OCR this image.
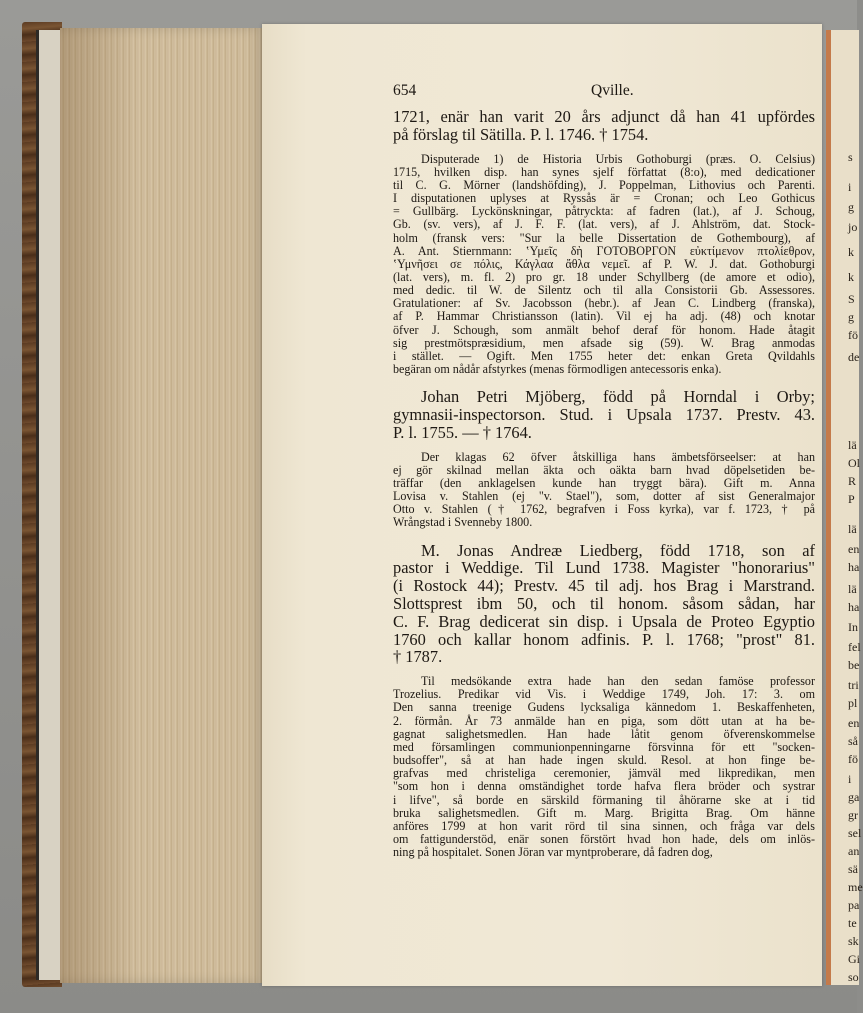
s
i
g
jo
k
k
S
g
fö
de
lä
Ol
R
P
lä
en
ha
lä
ha
In
fel
be
tri
pl
en
så
fö
i
ga
gr
sel
an
sä
me
pa
te
sk
Gi
so
654	Qville.
1721, enär han varit 20 års adjunct då han 41 upfördes
på förslag til Sätilla. P. l. 1746. † 1754.
Disputerade 1) de Historia Urbis Gothoburgi (præs. O. Celsius)
1715, hvilken disp. han synes sjelf författat (8:o), med dedicationer
til C. G. Mörner (landshöfding), J. Poppelman, Lithovius och Parenti.
I disputationen uplyses at Ryssås är = Cronan; och Leo Gothicus
= Gullbärg. Lyckönskningar, påtryckta: af fadren (lat.), af J. Schoug,
Gb. (sv. vers), af J. F. F. (lat. vers), af J. Ahlström, dat. Stock-
holm (fransk vers: "Sur la belle Dissertation de Gothembourg), af
A. Ant. Stiernmann: ʽΥμεῖς δὴ ΓΟΤΟΒΟΡΓΟΝ εὐκτίμενον πτολίεθρον,
ʽΥμνῆσει σε πόλις, Κάγλαα ἄθλα νεμεῖ. af P. W. J. dat. Gothoburgi
(lat. vers), m. fl. 2) pro gr. 18 under Schyllberg (de amore et odio),
med dedic. til W. de Silentz och til alla Consistorii Gb. Assessores.
Gratulationer: af Sv. Jacobsson (hebr.). af Jean C. Lindberg (franska),
af P. Hammar Christiansson (latin). Vil ej ha adj. (48) och knotar
öfver J. Schough, som anmält behof deraf för honom. Hade åtagit
sig prestmötspræsidium, men afsade sig (59). W. Brag anmodas
i stället. — Ogift. Men 1755 heter det: enkan Greta Qvildahls
begäran om nådår afstyrkes (menas förmodligen antecessoris enka).
Johan Petri Mjöberg, född på Horndal i Orby;
gymnasii-inspectorson. Stud. i Upsala 1737. Prestv. 43.
P. l. 1755. — † 1764.
Der klagas 62 öfver åtskilliga hans ämbetsförseelser: at han
ej gör skilnad mellan äkta och oäkta barn hvad döpelsetiden be-
träffar (den anklagelsen kunde han tryggt bära). Gift m. Anna
Lovisa v. Stahlen (ej "v. Stael"), som, dotter af sist Generalmajor
Otto v. Stahlen († 1762, begrafven i Foss kyrka), var f. 1723, † på
Wrångstad i Svenneby 1800.
M. Jonas Andreæ Liedberg, född 1718, son af
pastor i Weddige. Til Lund 1738. Magister "honorarius"
(i Rostock 44); Prestv. 45 til adj. hos Brag i Marstrand.
Slottsprest ibm 50, och til honom. såsom sådan, har
C. F. Brag dedicerat sin disp. i Upsala de Proteo Egyptio
1760 och kallar honom adfinis. P. l. 1768; "prost" 81.
† 1787.
Til medsökande extra hade han den sedan famöse professor
Trozelius. Predikar vid Vis. i Weddige 1749, Joh. 17: 3. om
Den sanna treenige Gudens lycksaliga kännedom 1. Beskaffenheten,
2. förmån. År 73 anmälde han en piga, som dött utan at ha be-
gagnat salighetsmedlen. Han hade låtit genom öfverenskommelse
med församlingen communionpenningarne försvinna för ett "socken-
budsoffer", så at han hade ingen skuld. Resol. at hon finge be-
grafvas med christeliga ceremonier, jämväl med likpredikan, men
"som hon i denna omständighet torde hafva flera bröder och systrar
i lifve", så borde en särskild förmaning til åhörarne ske at i tid
bruka salighetsmedlen. Gift m. Marg. Brigitta Brag. Om hänne
anföres 1799 at hon varit rörd til sina sinnen, och fråga var dels
om fattigunderstöd, enär sonen förstört hvad hon hade, dels om inlös-
ning på hospitalet. Sonen Jöran var myntproberare, då fadren dog,
